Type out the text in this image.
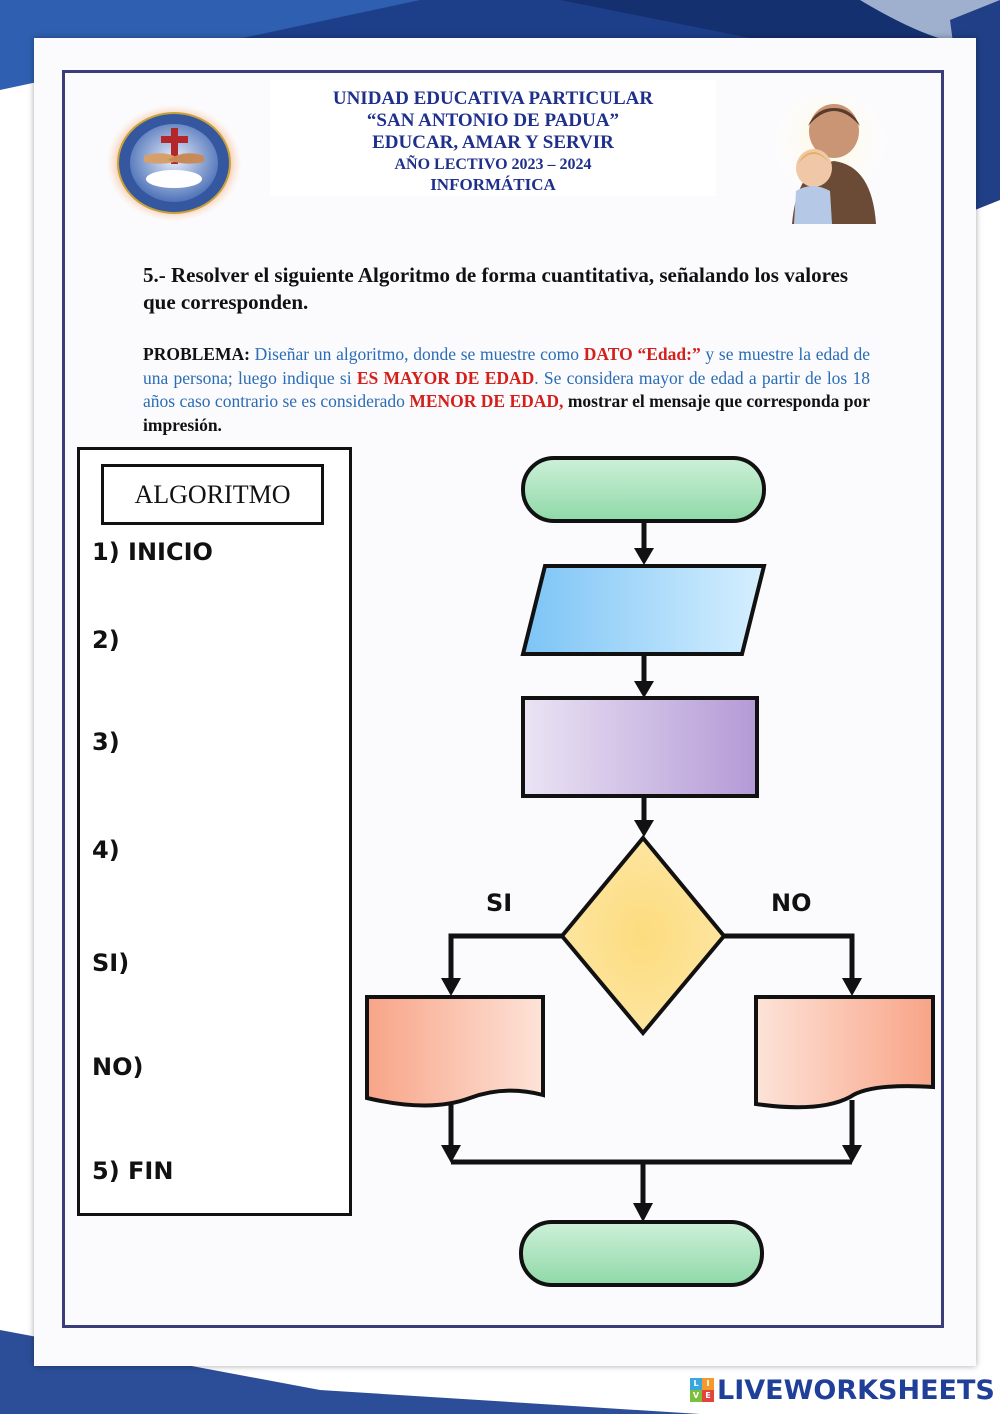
UNIDAD EDUCATIVA PARTICULAR
“SAN ANTONIO DE PADUA”
EDUCAR, AMAR Y SERVIR
AÑO LECTIVO 2023 – 2024
INFORMÁTICA
5.- Resolver el siguiente Algoritmo de forma cuantitativa, señalando los valores que corresponden.
PROBLEMA: Diseñar un algoritmo, donde se muestre como DATO “Edad:” y se muestre la edad de una persona; luego indique si ES MAYOR DE EDAD. Se considera mayor de edad a partir de los 18 años caso contrario se es considerado MENOR DE EDAD, mostrar el mensaje que corresponda por impresión.
ALGORITMO
1) INICIO
2)
3)
4)
SI)
NO)
5) FIN
SI	NO
L I
V E LIVEWORKSHEETS
